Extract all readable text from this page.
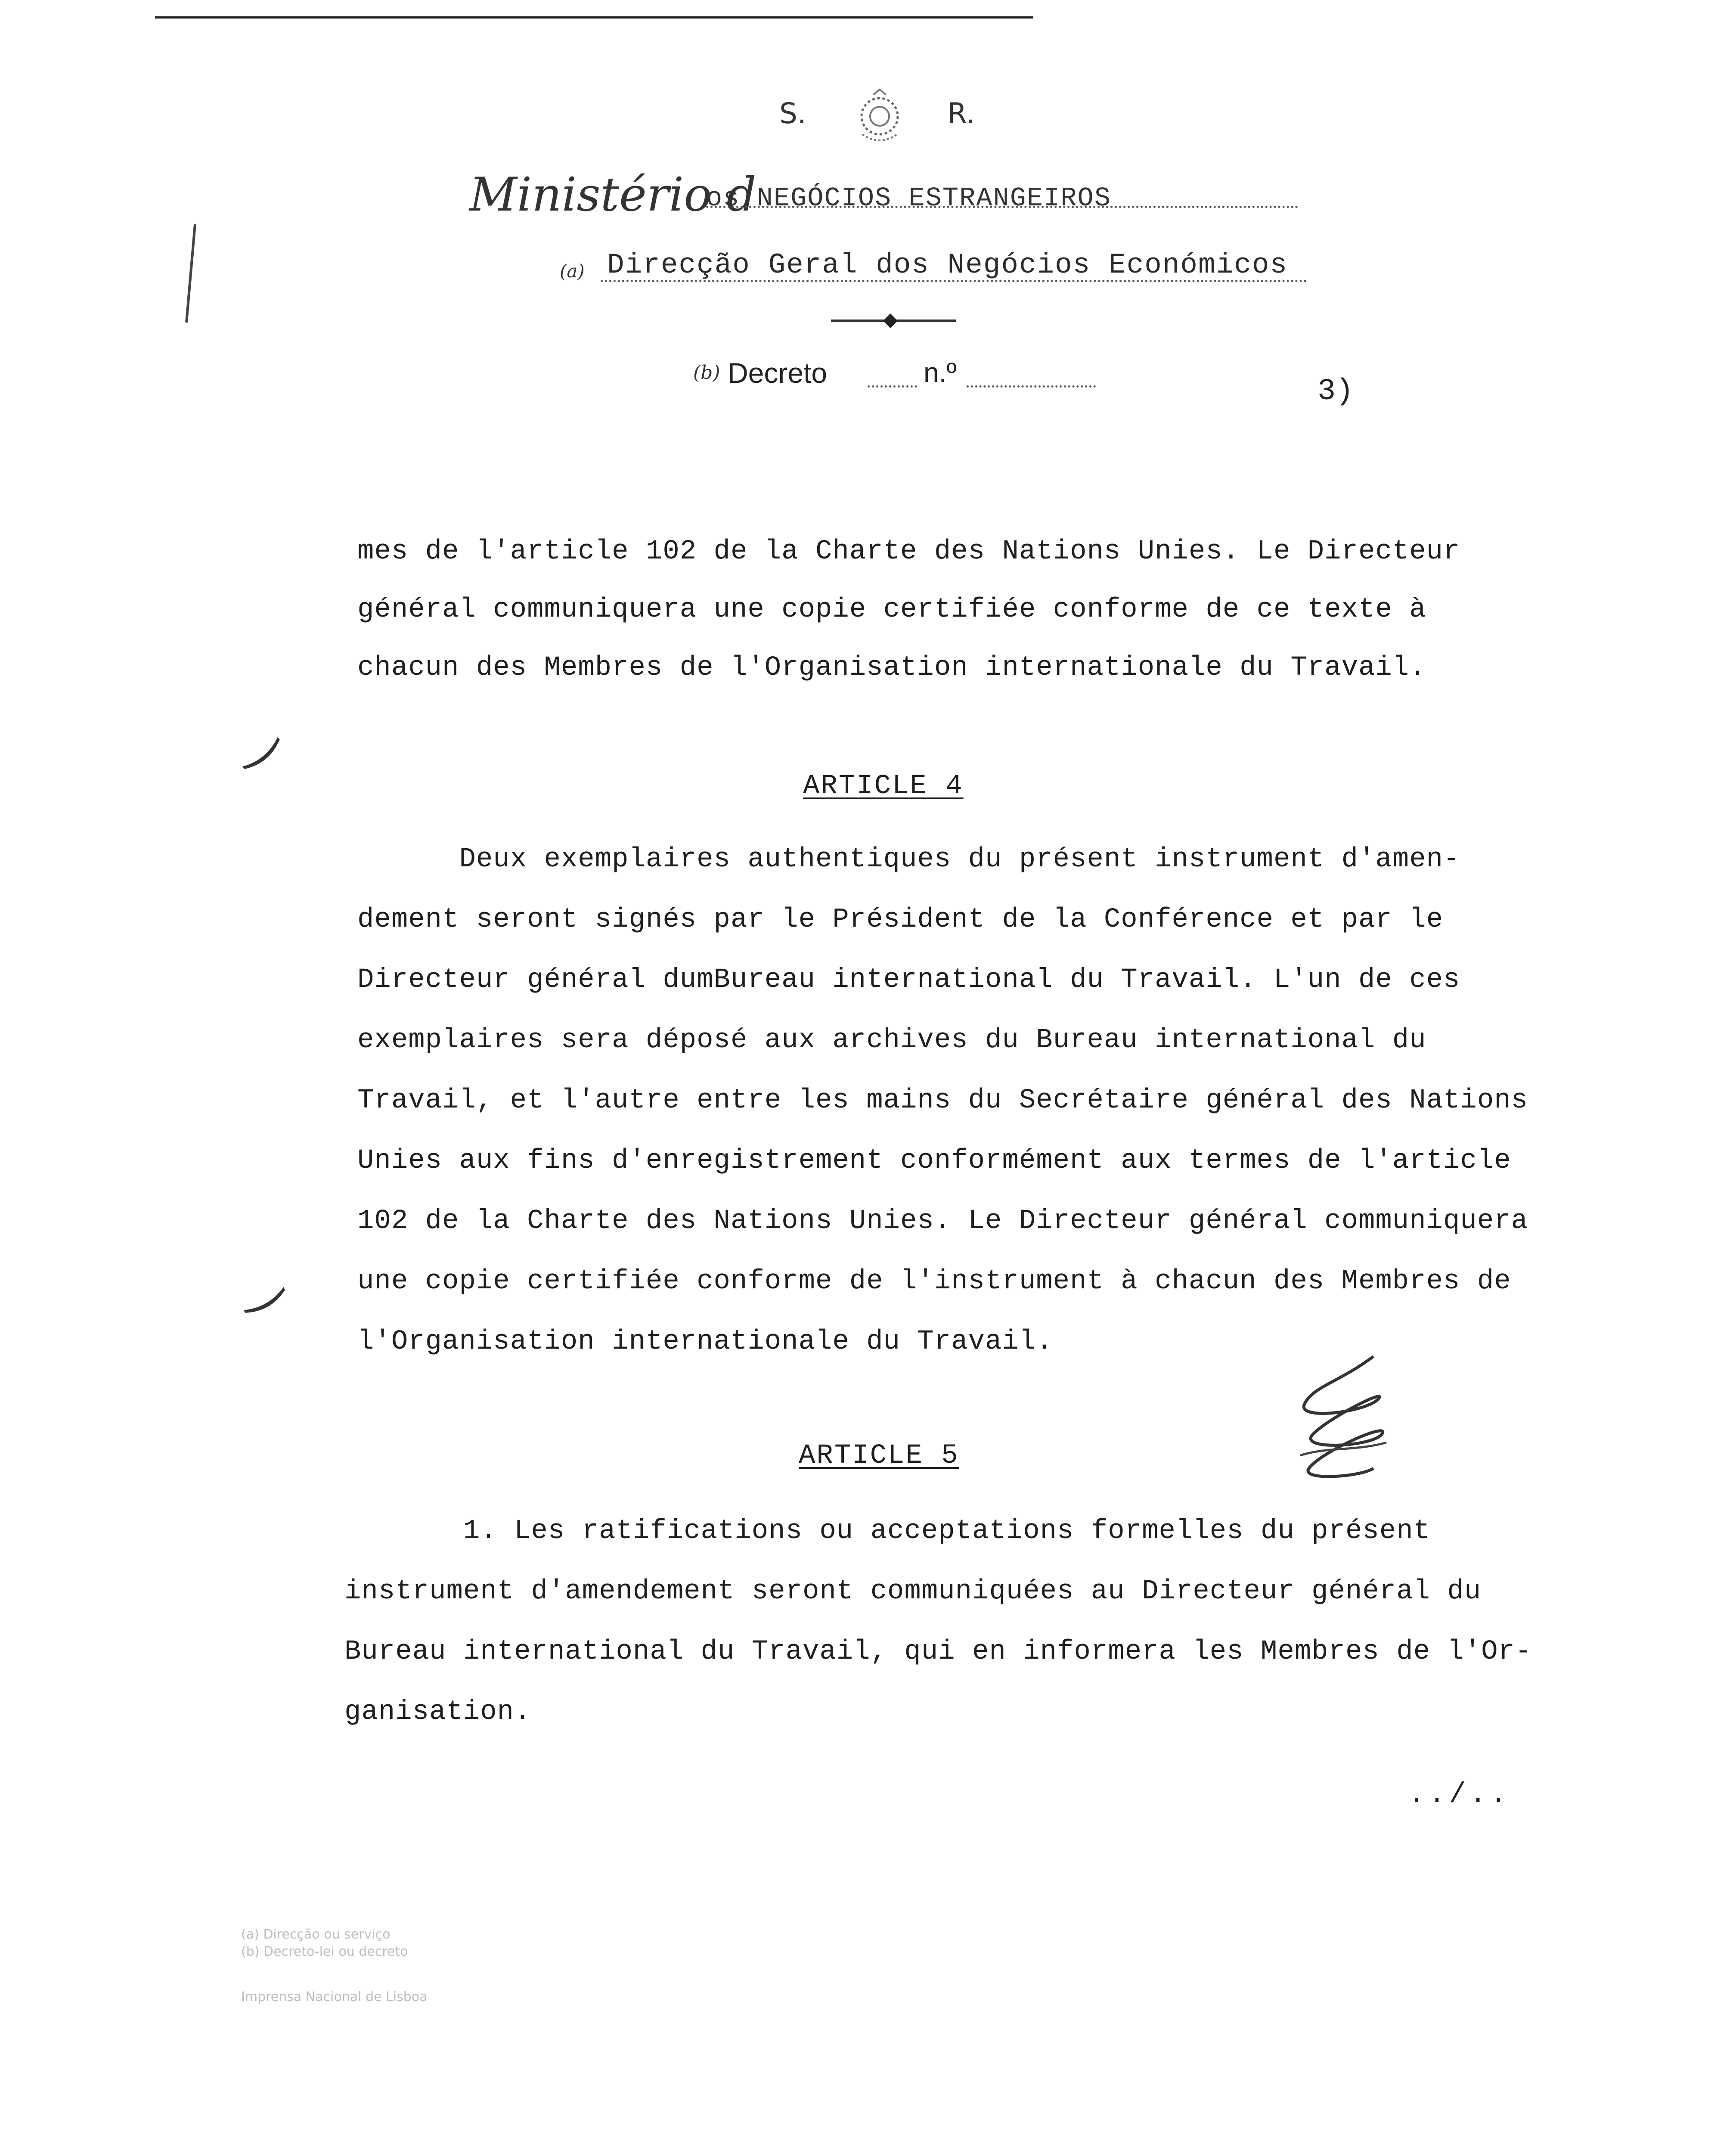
S.	R.
Ministério d
os NEGÓCIOS ESTRANGEIROS
(a) Direcção Geral dos Negócios Económicos
(b) Decreto	n.º
3)
mes de l'article 102 de la Charte des Nations Unies. Le Directeur
général communiquera une copie certifiée conforme de ce texte à
chacun des Membres de l'Organisation internationale du Travail.
‿
ARTICLE 4
Deux exemplaires authentiques du présent instrument d'amen-
dement seront signés par le Président de la Conférence et par le
Directeur général dumBureau international du Travail. L'un de ces
exemplaires sera déposé aux archives du Bureau international du
Travail, et l'autre entre les mains du Secrétaire général des Nations
Unies aux fins d'enregistrement conformément aux termes de l'article
102 de la Charte des Nations Unies. Le Directeur général communiquera
une copie certifiée conforme de l'instrument à chacun des Membres de
l'Organisation internationale du Travail.
‿
ARTICLE 5
1. Les ratifications ou acceptations formelles du présent
instrument d'amendement seront communiquées au Directeur général du
Bureau international du Travail, qui en informera les Membres de l'Or-
ganisation.
../..
(a) Direcção ou serviço
(b) Decreto-lei ou decreto
Imprensa Nacional de Lisboa
